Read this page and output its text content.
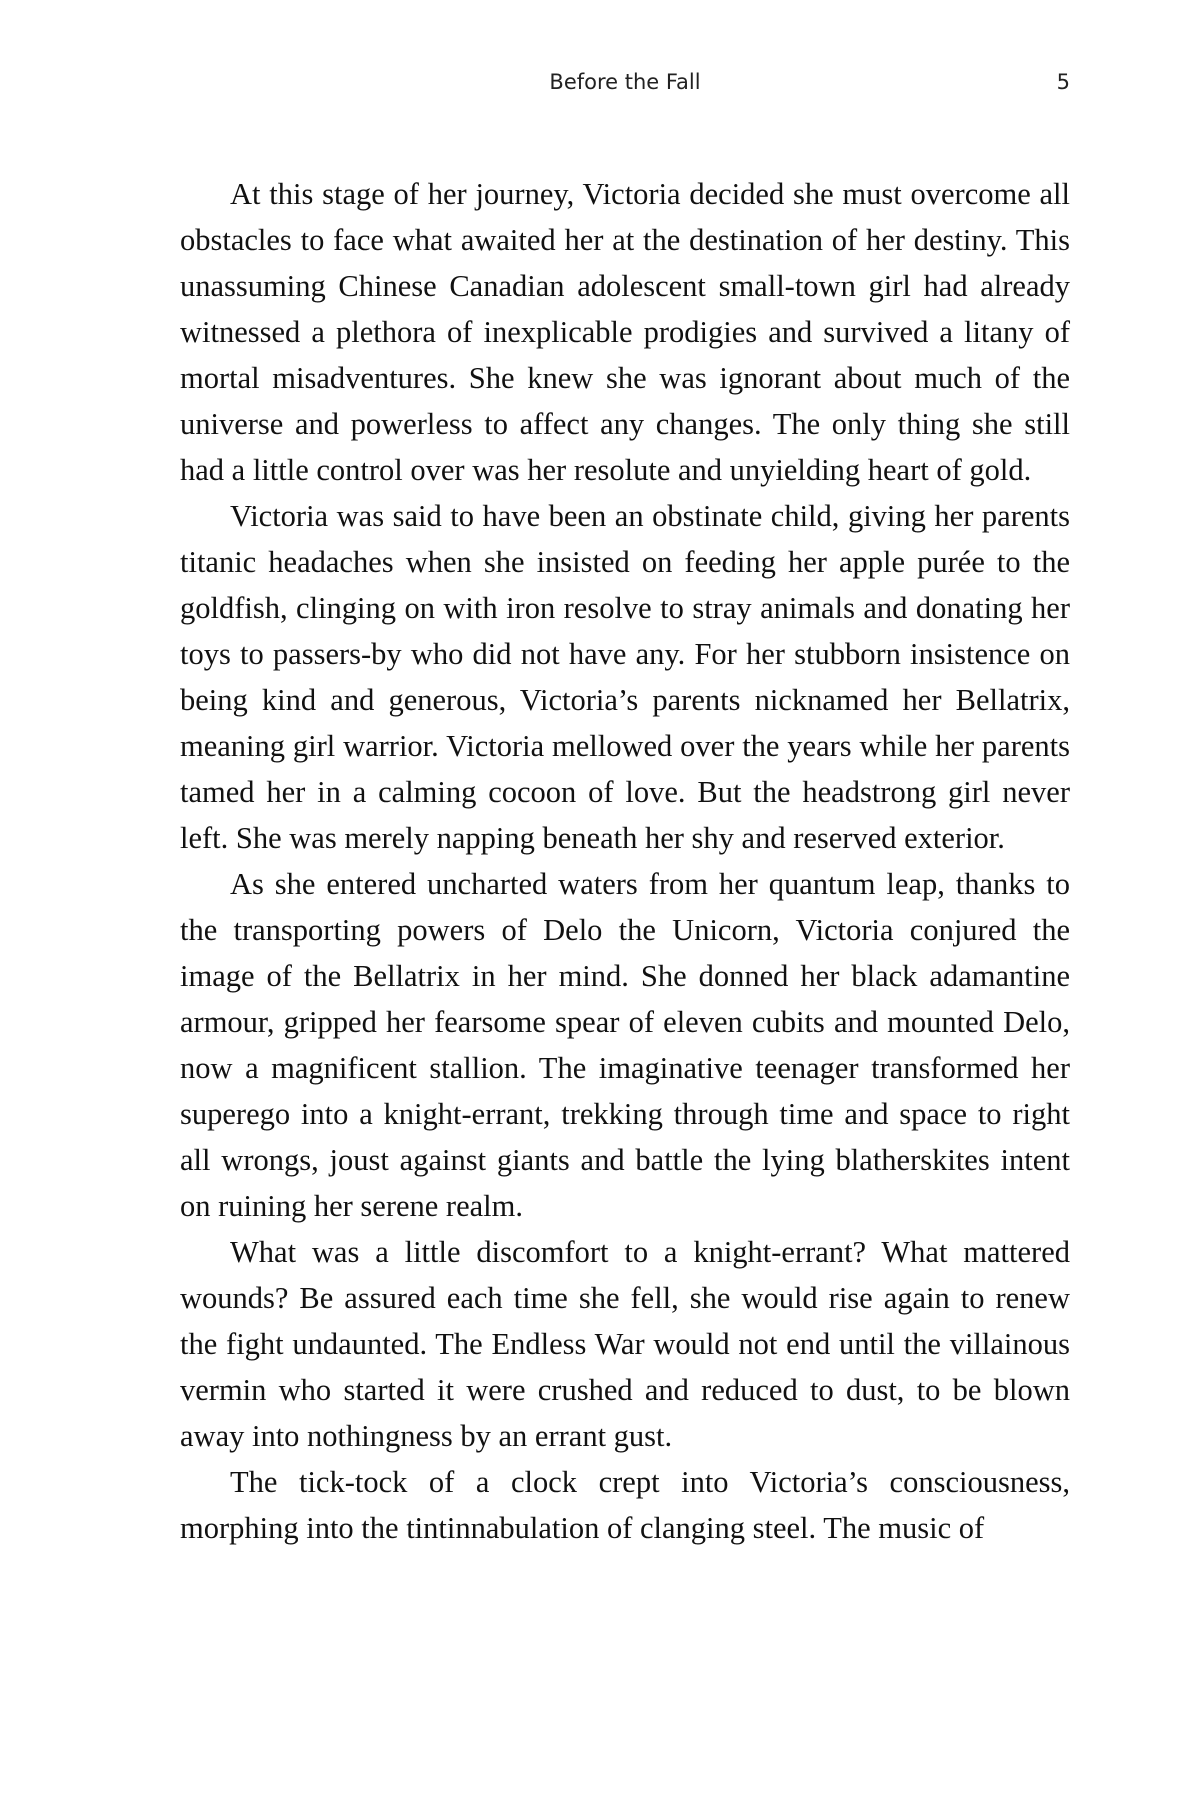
Before the Fall	5

At this stage of her journey, Victoria decided she must overcome all obstacles to face what awaited her at the destination of her destiny. This unassuming Chinese Canadian adolescent small-town girl had already witnessed a plethora of inexplicable prodigies and survived a litany of mortal misadventures. She knew she was ignorant about much of the universe and powerless to affect any changes. The only thing she still had a little control over was her resolute and unyielding heart of gold.

Victoria was said to have been an obstinate child, giving her parents titanic headaches when she insisted on feeding her apple purée to the goldfish, clinging on with iron resolve to stray animals and donating her toys to passers-by who did not have any. For her stubborn insistence on being kind and generous, Victoria’s parents nicknamed her Bellatrix, meaning girl warrior. Victoria mellowed over the years while her parents tamed her in a calming cocoon of love. But the headstrong girl never left. She was merely napping beneath her shy and reserved exterior.

As she entered uncharted waters from her quantum leap, thanks to the transporting powers of Delo the Unicorn, Victoria conjured the image of the Bellatrix in her mind. She donned her black adamantine armour, gripped her fearsome spear of eleven cubits and mounted Delo, now a magnificent stallion. The imaginative teenager transformed her superego into a knight-errant, trekking through time and space to right all wrongs, joust against giants and battle the lying blatherskites intent on ruining her serene realm.

What was a little discomfort to a knight-errant? What mattered wounds? Be assured each time she fell, she would rise again to renew the fight undaunted. The Endless War would not end until the villainous vermin who started it were crushed and reduced to dust, to be blown away into nothingness by an errant gust.

The tick-tock of a clock crept into Victoria’s consciousness, morphing into the tintinnabulation of clanging steel. The music of
